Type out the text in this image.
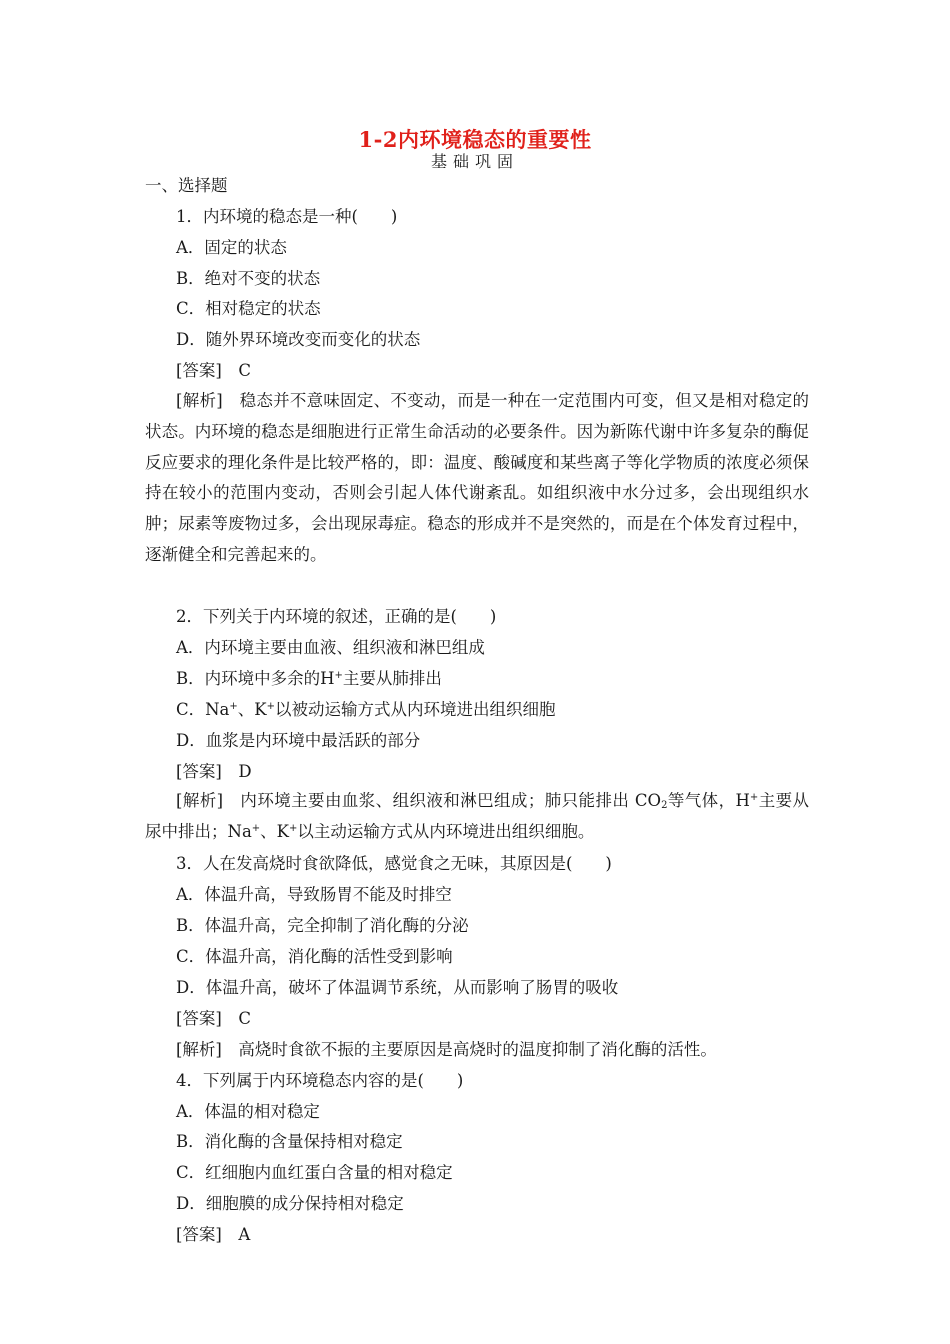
1-2内环境稳态的重要性
基础巩固
一、选择题
1．内环境的稳态是一种(　　)
A．固定的状态
B．绝对不变的状态
C．相对稳定的状态
D．随外界环境改变而变化的状态
[答案]　C
[解析]　稳态并不意味固定、不变动，而是一种在一定范围内可变，但又是相对稳定的状态。内环境的稳态是细胞进行正常生命活动的必要条件。因为新陈代谢中许多复杂的酶促反应要求的理化条件是比较严格的，即：温度、酸碱度和某些离子等化学物质的浓度必须保持在较小的范围内变动，否则会引起人体代谢紊乱。如组织液中水分过多，会出现组织水肿；尿素等废物过多，会出现尿毒症。稳态的形成并不是突然的，而是在个体发育过程中，逐渐健全和完善起来的。
2．下列关于内环境的叙述，正确的是(　　)
A．内环境主要由血液、组织液和淋巴组成
B．内环境中多余的H+主要从肺排出
C．Na+、K+以被动运输方式从内环境进出组织细胞
D．血浆是内环境中最活跃的部分
[答案]　D
[解析]　内环境主要由血浆、组织液和淋巴组成；肺只能排出 $CO_2$等气体，H+主要从尿中排出；Na+、K+以主动运输方式从内环境进出组织细胞。
3．人在发高烧时食欲降低，感觉食之无味，其原因是(　　)
A．体温升高，导致肠胃不能及时排空
B．体温升高，完全抑制了消化酶的分泌
C．体温升高，消化酶的活性受到影响
D．体温升高，破坏了体温调节系统，从而影响了肠胃的吸收
[答案]　C
[解析]　高烧时食欲不振的主要原因是高烧时的温度抑制了消化酶的活性。
4．下列属于内环境稳态内容的是(　　)
A．体温的相对稳定
B．消化酶的含量保持相对稳定
C．红细胞内血红蛋白含量的相对稳定
D．细胞膜的成分保持相对稳定
[答案]　A
